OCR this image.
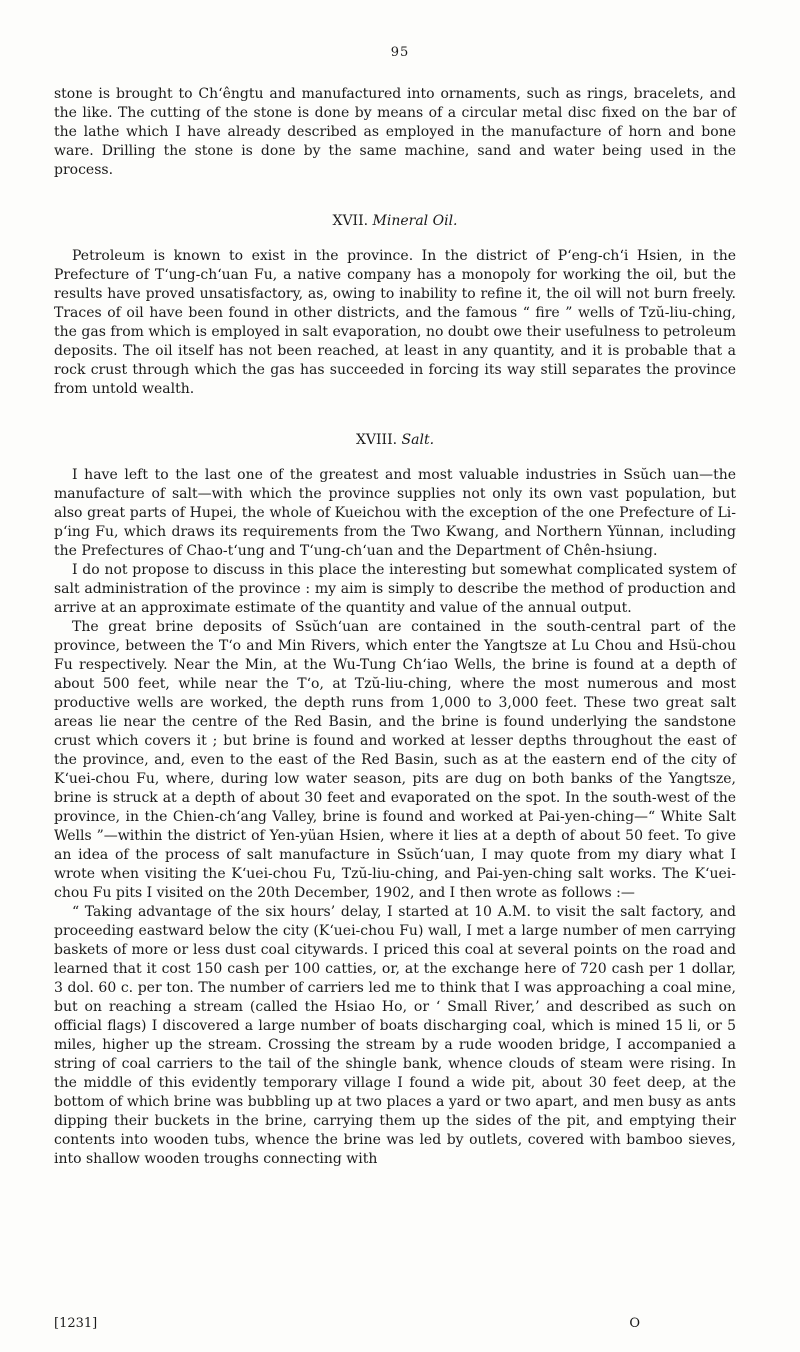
95

stone is brought to Chʻêngtu and manufactured into ornaments, such as rings, bracelets, and the like. The cutting of the stone is done by means of a circular metal disc fixed on the bar of the lathe which I have already described as employed in the manufacture of horn and bone ware. Drilling the stone is done by the same machine, sand and water being used in the process.

XVII. Mineral Oil.

Petroleum is known to exist in the province. In the district of Pʻeng-chʻi Hsien, in the Prefecture of Tʻung-chʻuan Fu, a native company has a monopoly for working the oil, but the results have proved unsatisfactory, as, owing to inability to refine it, the oil will not burn freely. Traces of oil have been found in other districts, and the famous “ fire ” wells of Tzŭ-liu-ching, the gas from which is employed in salt evaporation, no doubt owe their usefulness to petroleum deposits. The oil itself has not been reached, at least in any quantity, and it is probable that a rock crust through which the gas has succeeded in forcing its way still separates the province from untold wealth.

XVIII. Salt.

I have left to the last one of the greatest and most valuable industries in Ssŭch uan—the manufacture of salt—with which the province supplies not only its own vast population, but also great parts of Hupei, the whole of Kueichou with the exception of the one Prefecture of Li-pʻing Fu, which draws its requirements from the Two Kwang, and Northern Yünnan, including the Prefectures of Chao-tʻung and Tʻung-chʻuan and the Department of Chên-hsiung.

I do not propose to discuss in this place the interesting but somewhat complicated system of salt administration of the province : my aim is simply to describe the method of production and arrive at an approximate estimate of the quantity and value of the annual output.

The great brine deposits of Ssŭchʻuan are contained in the south-central part of the province, between the Tʻo and Min Rivers, which enter the Yangtsze at Lu Chou and Hsü-chou Fu respectively. Near the Min, at the Wu-Tung Chʻiao Wells, the brine is found at a depth of about 500 feet, while near the Tʻo, at Tzŭ-liu-ching, where the most numerous and most productive wells are worked, the depth runs from 1,000 to 3,000 feet. These two great salt areas lie near the centre of the Red Basin, and the brine is found underlying the sandstone crust which covers it ; but brine is found and worked at lesser depths throughout the east of the province, and, even to the east of the Red Basin, such as at the eastern end of the city of Kʻuei-chou Fu, where, during low water season, pits are dug on both banks of the Yangtsze, brine is struck at a depth of about 30 feet and evaporated on the spot. In the south-west of the province, in the Chien-chʻang Valley, brine is found and worked at Pai-yen-ching—“ White Salt Wells ”—within the district of Yen-yüan Hsien, where it lies at a depth of about 50 feet. To give an idea of the process of salt manufacture in Ssŭchʻuan, I may quote from my diary what I wrote when visiting the Kʻuei-chou Fu, Tzŭ-liu-ching, and Pai-yen-ching salt works. The Kʻuei-chou Fu pits I visited on the 20th December, 1902, and I then wrote as follows :—

“ Taking advantage of the six hours’ delay, I started at 10 A.M. to visit the salt factory, and proceeding eastward below the city (Kʻuei-chou Fu) wall, I met a large number of men carrying baskets of more or less dust coal citywards. I priced this coal at several points on the road and learned that it cost 150 cash per 100 catties, or, at the exchange here of 720 cash per 1 dollar, 3 dol. 60 c. per ton. The number of carriers led me to think that I was approaching a coal mine, but on reaching a stream (called the Hsiao Ho, or ‘ Small River,’ and described as such on official flags) I discovered a large number of boats discharging coal, which is mined 15 li, or 5 miles, higher up the stream. Crossing the stream by a rude wooden bridge, I accompanied a string of coal carriers to the tail of the shingle bank, whence clouds of steam were rising. In the middle of this evidently temporary village I found a wide pit, about 30 feet deep, at the bottom of which brine was bubbling up at two places a yard or two apart, and men busy as ants dipping their buckets in the brine, carrying them up the sides of the pit, and emptying their contents into wooden tubs, whence the brine was led by outlets, covered with bamboo sieves, into shallow wooden troughs connecting with

[1231]	O
